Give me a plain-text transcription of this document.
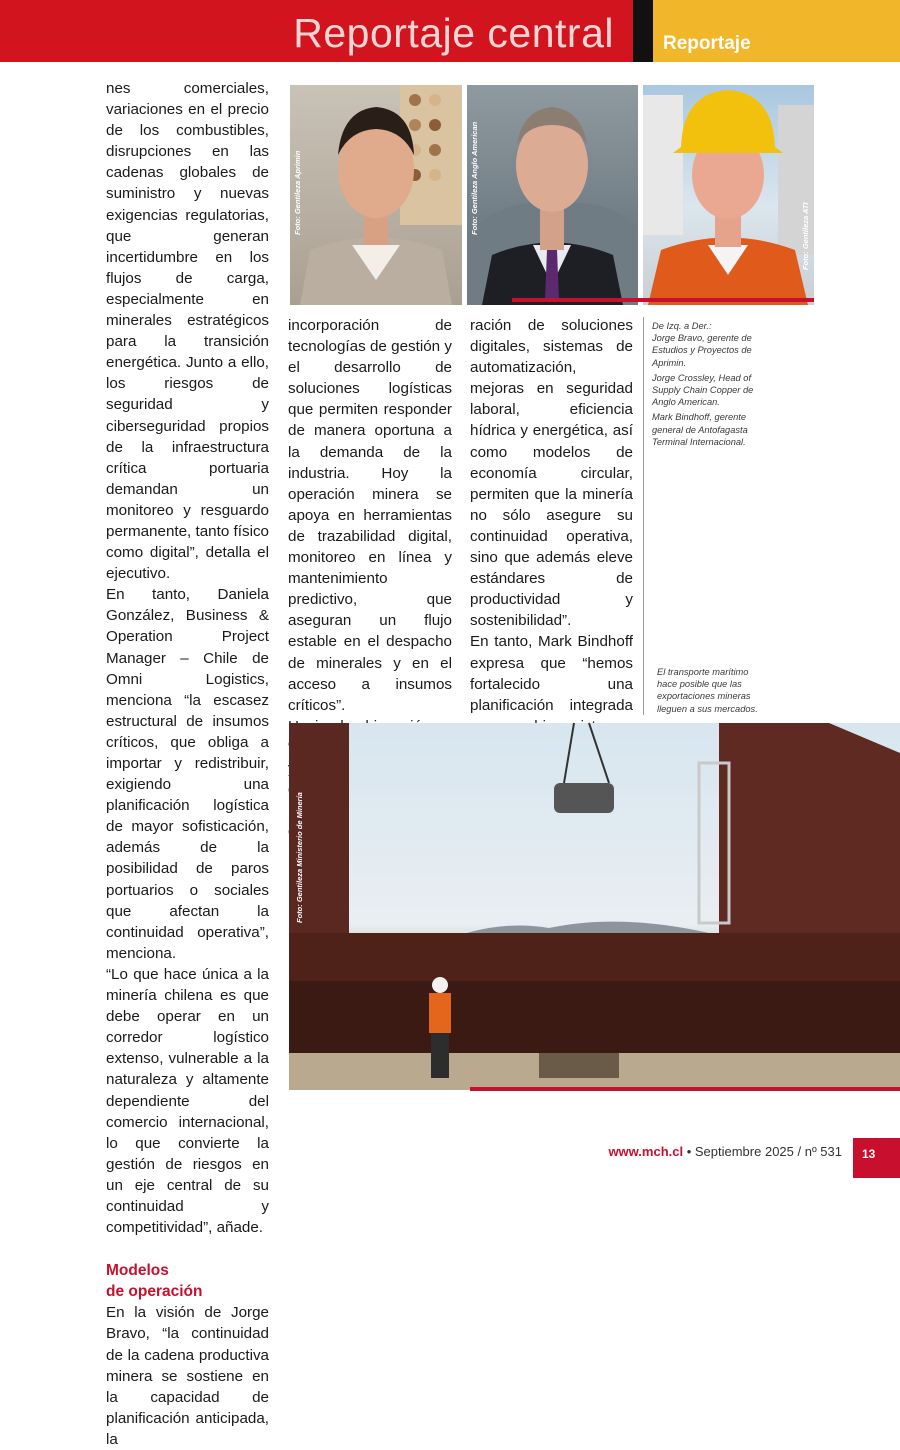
Reportaje central	Reportaje

nes comerciales, variaciones en el precio de los combustibles, disrupciones en las cadenas globales de suministro y nuevas exigencias regulatorias, que generan incertidumbre en los flujos de carga, especialmente en minerales estratégicos para la transición energética. Junto a ello, los riesgos de seguridad y ciberseguridad propios de la infraestructura crítica portuaria demandan un monitoreo y resguardo permanente, tanto físico como digital”, detalla el ejecutivo.

En tanto, Daniela González, Business & Operation Project Manager – Chile de Omni Logistics, menciona “la escasez estructural de insumos críticos, que obliga a importar y redistribuir, exigiendo una planificación logística de mayor sofisticación, además de la posibilidad de paros portuarios o sociales que afectan la continuidad operativa”, menciona.

“Lo que hace única a la minería chilena es que debe operar en un corredor logístico extenso, vulnerable a la naturaleza y altamente dependiente del comercio internacional, lo que convierte la gestión de riesgos en un eje central de su continuidad y competitividad”, añade.

Modelos
de operación

En la visión de Jorge Bravo, “la continuidad de la cadena productiva minera se sostiene en la capacidad de planificación anticipada, la

Foto: Gentileza Aprimin	Foto: Gentileza Anglo American
Foto: Gentileza ATI

incorporación de tecnologías de gestión y el desarrollo de soluciones logísticas que permiten responder de manera oportuna a la demanda de la industria. Hoy la operación minera se apoya en herramientas de trazabilidad digital, monitoreo en línea y mantenimiento predictivo, que aseguran un flujo estable en el despacho de minerales y en el acceso a insumos críticos”.

ración de soluciones digitales, sistemas de automatización, mejoras en seguridad laboral, eficiencia hídrica y energética, así como modelos de economía circular, permiten que la minería no sólo asegure su continuidad operativa, sino que además eleve estándares de productividad y sostenibilidad”.

En tanto, Mark Bindhoff expresa que “hemos fortalecido una planificación integrada

De Izq. a Der.:

Jorge Bravo, gerente de Estudios y Proyectos de Aprimin.

Jorge Crossley, Head of Supply Chain Copper de Anglo American.

Mark Bindhoff, gerente general de Antofagasta Terminal Internacional.

El transporte marítimo hace posible que las exportaciones mineras lleguen a sus mercados.
Foto: Gentileza Ministerio de Minería
www.mch.cl • Septiembre 2025 / nº 531	13
